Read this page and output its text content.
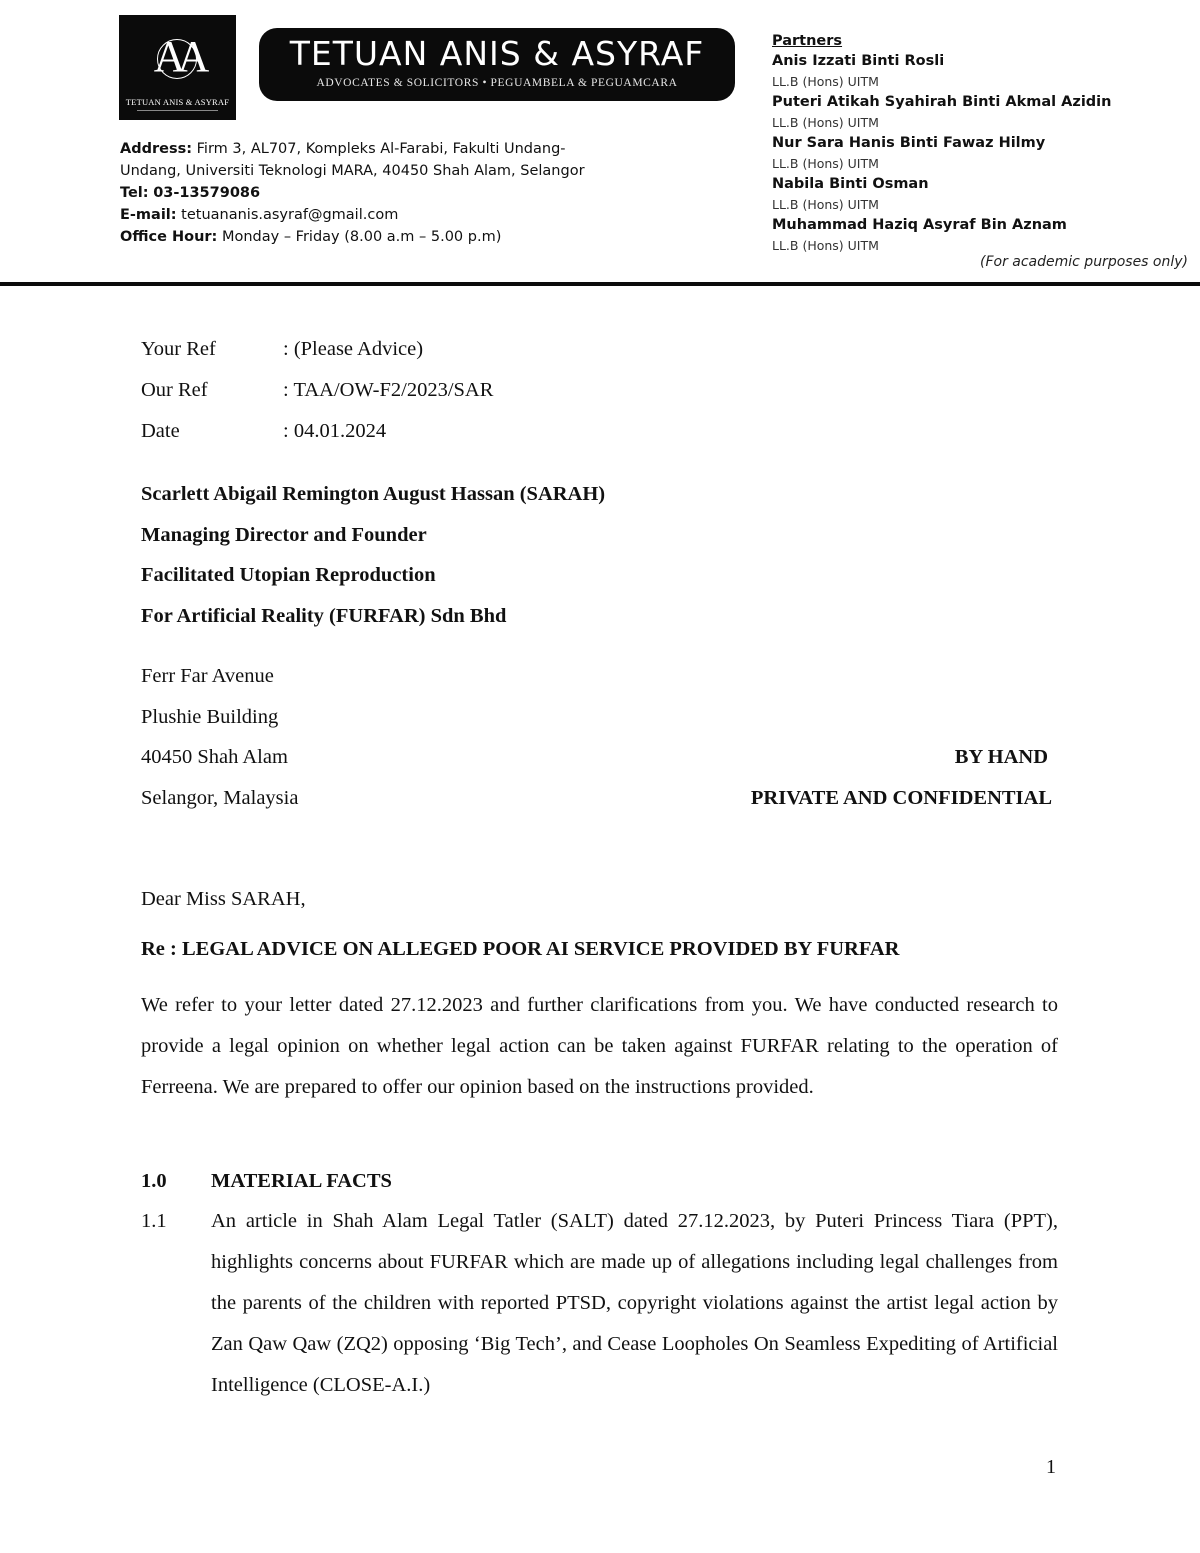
AA
TETUAN ANIS & ASYRAF
TETUAN ANIS & ASYRAF
ADVOCATES & SOLICITORS • PEGUAMBELA & PEGUAMCARA
Address: Firm 3, AL707, Kompleks Al-Farabi, Fakulti Undang-
Undang, Universiti Teknologi MARA, 40450 Shah Alam, Selangor
Tel: 03-13579086
E-mail: tetuananis.asyraf@gmail.com
Office Hour: Monday – Friday (8.00 a.m – 5.00 p.m)
Partners
Anis Izzati Binti Rosli
LL.B (Hons) UITM
Puteri Atikah Syahirah Binti Akmal Azidin
LL.B (Hons) UITM
Nur Sara Hanis Binti Fawaz Hilmy
LL.B (Hons) UITM
Nabila Binti Osman
LL.B (Hons) UITM
Muhammad Haziq Asyraf Bin Aznam
LL.B (Hons) UITM
(For academic purposes only)
Your Ref	: (Please Advice)
Our Ref	: TAA/OW-F2/2023/SAR
Date	: 04.01.2024
Scarlett Abigail Remington August Hassan (SARAH)
Managing Director and Founder
Facilitated Utopian Reproduction
For Artificial Reality (FURFAR) Sdn Bhd
Ferr Far Avenue
Plushie Building
40450 Shah Alam
Selangor, Malaysia
BY HAND
PRIVATE AND CONFIDENTIAL
Dear Miss SARAH,
Re : LEGAL ADVICE ON ALLEGED POOR AI SERVICE PROVIDED BY FURFAR

We refer to your letter dated 27.12.2023 and further clarifications from you. We have conducted research to provide a legal opinion on whether legal action can be taken against FURFAR relating to the operation of Ferreena. We are prepared to offer our opinion based on the instructions provided.

1.0 MATERIAL FACTS
1.1 An article in Shah Alam Legal Tatler (SALT) dated 27.12.2023, by Puteri Princess Tiara (PPT), highlights concerns about FURFAR which are made up of allegations including legal challenges from the parents of the children with reported PTSD, copyright violations against the artist legal action by Zan Qaw Qaw (ZQ2) opposing ‘Big Tech’, and Cease Loopholes On Seamless Expediting of Artificial Intelligence (CLOSE-A.I.)

1
